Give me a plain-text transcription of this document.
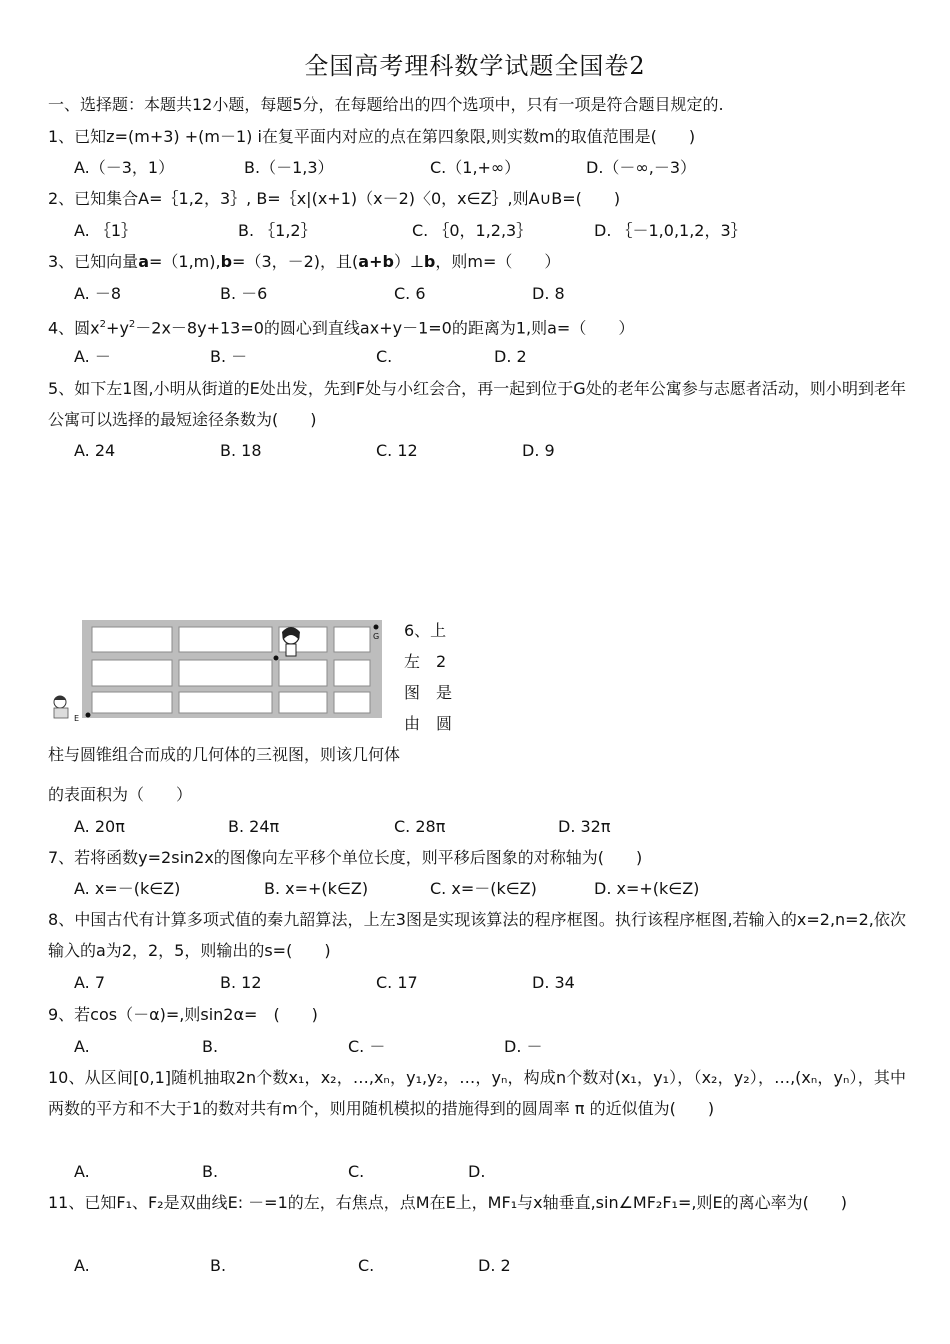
全国高考理科数学试题全国卷2
一、选择题：本题共12小题，每题5分，在每题给出的四个选项中，只有一项是符合题目规定的.
1、已知z=(m+3) +(m－1) i在复平面内对应的点在第四象限,则实数m的取值范围是(　　)
A.（－3，1）	B.（－1,3）	C.（1,+∞）	D.（－∞,－3）
2、已知集合A=｛1,2，3｝, B=｛x|(x+1)（x－2)〈0，x∈Z｝,则A∪B=(　　)
A. ｛1｝	B. ｛1,2｝	C. ｛0，1,2,3｝	D. ｛－1,0,1,2，3｝
3、已知向量a=（1,m),b=（3，－2)，且(a+b）⊥b，则m=（　　）
A. －8	B. －6	C. 6	D. 8
4、圆$x^2+y^2-2x-8y+13=0$的圆心到直线ax+y－1=0的距离为1,则a=（　　）
A. －	B. －	C.	D. 2
5、如下左1图,小明从街道的E处出发，先到F处与小红会合，再一起到位于G处的老年公寓参与志愿者活动，则小明到老年公寓可以选择的最短途径条数为(　　)
A. 24	B. 18	C. 12	D. 9
G
E
6、上
左　2
图　是
由　圆
柱与圆锥组合而成的几何体的三视图，则该几何体
的表面积为（　　）
A. 20π	B. 24π	C. 28π	D. 32π
7、若将函数y=2sin2x的图像向左平移个单位长度，则平移后图象的对称轴为(　　)
A. x=－(k∈Z)	B. x=+(k∈Z)	C. x=－(k∈Z)	D. x=+(k∈Z)
8、中国古代有计算多项式值的秦九韶算法，上左3图是实现该算法的程序框图。执行该程序框图,若输入的x=2,n=2,依次输入的a为2，2，5，则输出的s=(　　)
A. 7	B. 12	C. 17	D. 34
9、若cos（－α)=,则sin2α=　(　　)
A.	B.	C. －	D. －
10、从区间[0,1]随机抽取2n个数x₁，x₂，…,xₙ，y₁,y₂，…，yₙ，构成n个数对(x₁，y₁），（x₂，y₂），…,(xₙ，yₙ），其中两数的平方和不大于1的数对共有m个，则用随机模拟的措施得到的圆周率 π 的近似值为(　　)
A.	B.	C.	D.
11、已知F₁、F₂是双曲线E: －=1的左，右焦点，点M在E上，MF₁与x轴垂直,sin∠MF₂F₁=,则E的离心率为(　　)
A.	B.	C.	D. 2
